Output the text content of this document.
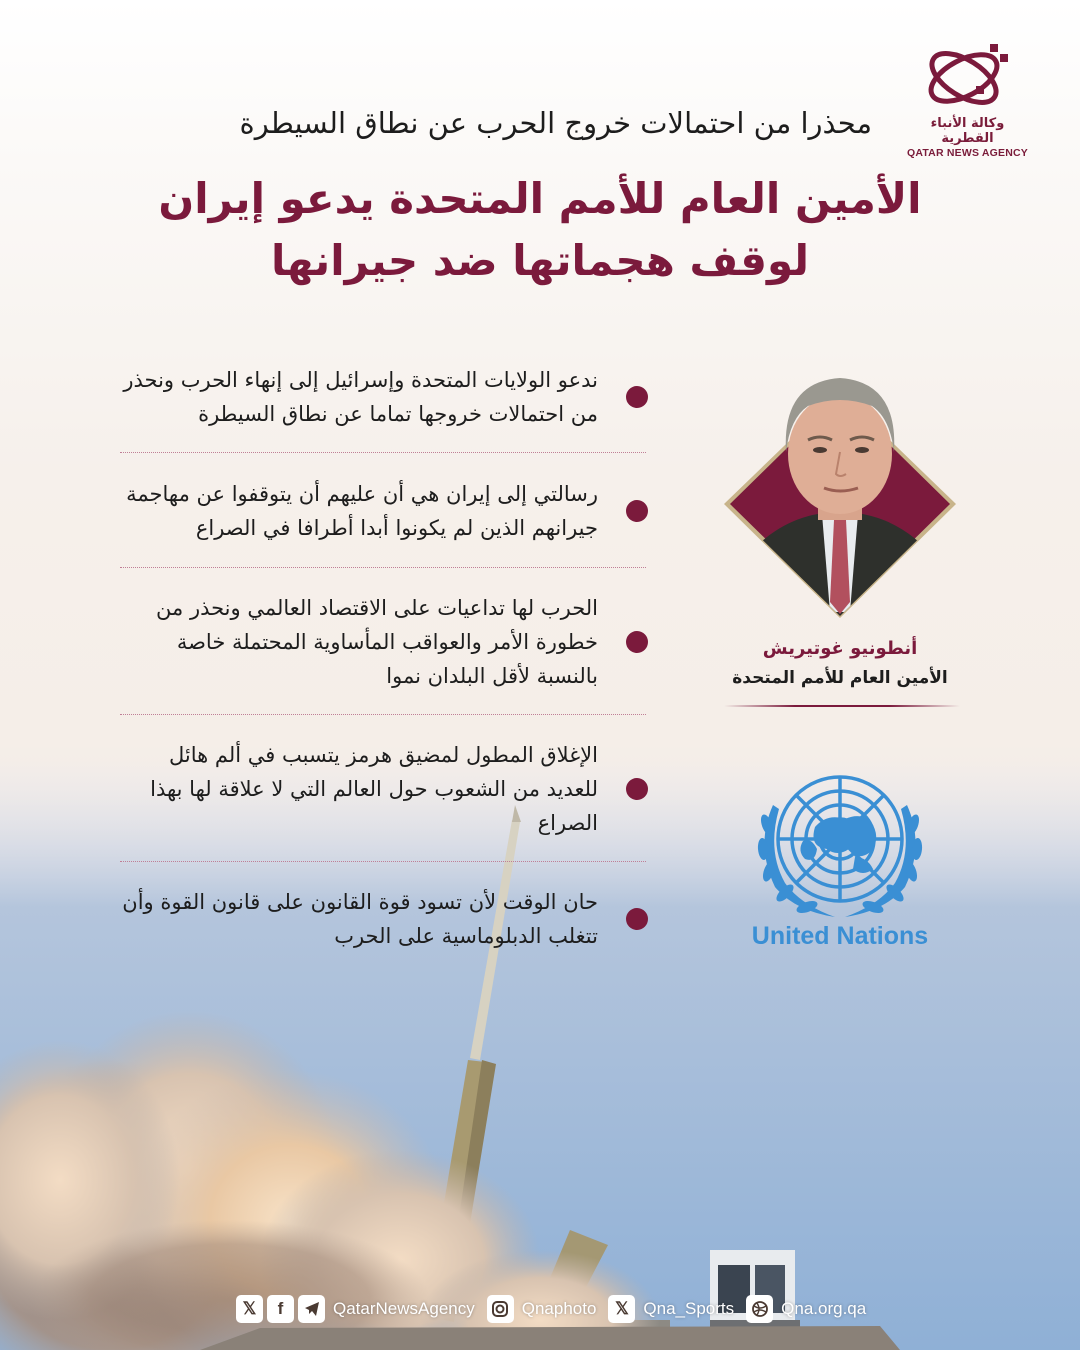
وكالة الأنباء القطرية
QATAR NEWS AGENCY
محذرا من احتمالات خروج الحرب عن نطاق السيطرة
الأمين العام للأمم المتحدة يدعو إيران
لوقف هجماتها ضد جيرانها
ندعو الولايات المتحدة وإسرائيل إلى إنهاء الحرب ونحذر من احتمالات خروجها تماما عن نطاق السيطرة
رسالتي إلى إيران هي أن عليهم أن يتوقفوا عن مهاجمة جيرانهم الذين لم يكونوا أبدا أطرافا في الصراع
الحرب لها تداعيات على الاقتصاد العالمي ونحذر من خطورة الأمر والعواقب المأساوية المحتملة خاصة بالنسبة لأقل البلدان نموا
الإغلاق المطول لمضيق هرمز يتسبب في ألم هائل للعديد من الشعوب حول العالم التي لا علاقة لها بهذا الصراع
حان الوقت لأن تسود قوة القانون على قانون القوة وأن تتغلب الدبلوماسية على الحرب
أنطونيو غوتيريش
الأمين العام للأمم المتحدة
United Nations
𝕏	f	QatarNewsAgency	Qnaphoto	𝕏 Qna_Sports	Qna.org.qa
